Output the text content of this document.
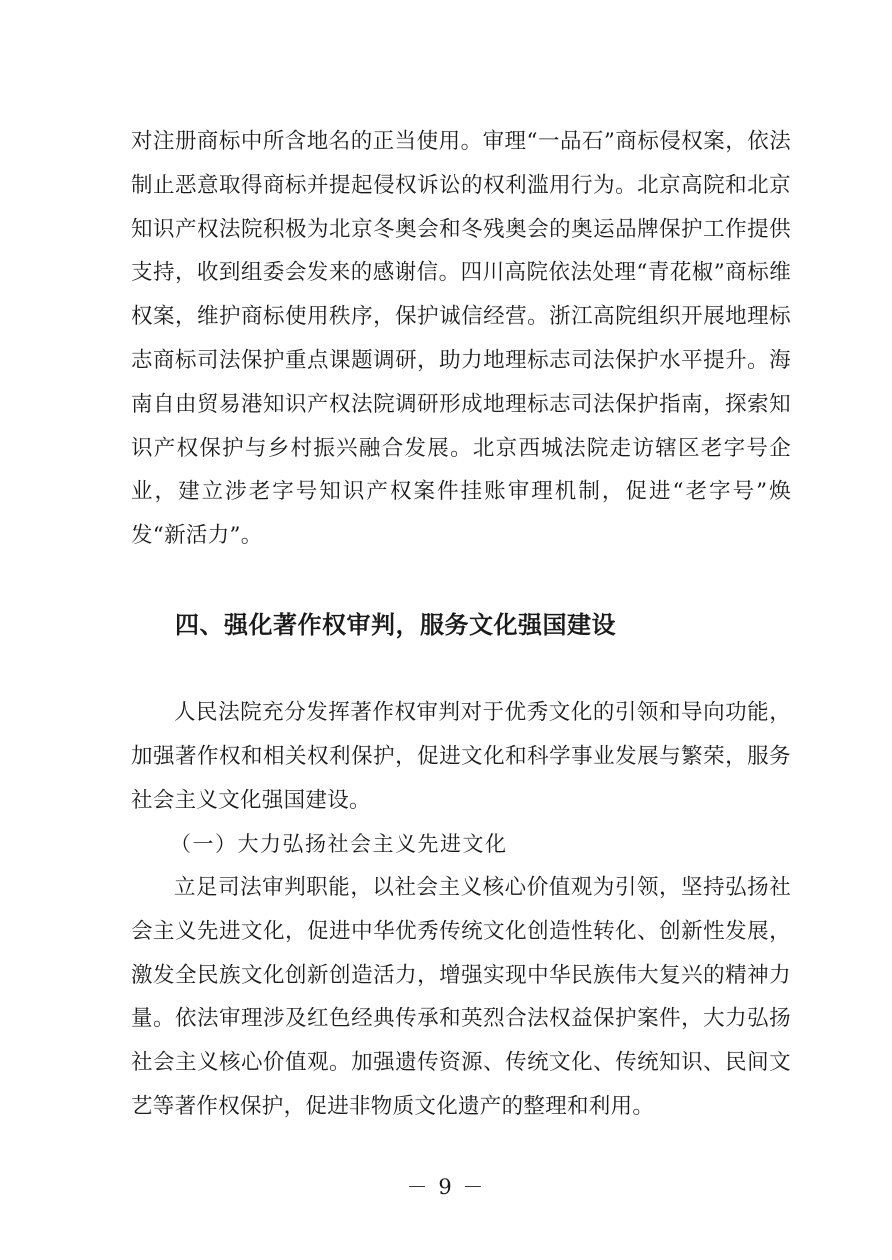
对注册商标中所含地名的正当使用。审理“一品石”商标侵权案，依法制止恶意取得商标并提起侵权诉讼的权利滥用行为。北京高院和北京知识产权法院积极为北京冬奥会和冬残奥会的奥运品牌保护工作提供支持，收到组委会发来的感谢信。四川高院依法处理“青花椒”商标维权案，维护商标使用秩序，保护诚信经营。浙江高院组织开展地理标志商标司法保护重点课题调研，助力地理标志司法保护水平提升。海南自由贸易港知识产权法院调研形成地理标志司法保护指南，探索知识产权保护与乡村振兴融合发展。北京西城法院走访辖区老字号企业，建立涉老字号知识产权案件挂账审理机制，促进“老字号”焕发“新活力”。

四、强化著作权审判，服务文化强国建设

人民法院充分发挥著作权审判对于优秀文化的引领和导向功能，加强著作权和相关权利保护，促进文化和科学事业发展与繁荣，服务社会主义文化强国建设。

（一）大力弘扬社会主义先进文化

立足司法审判职能，以社会主义核心价值观为引领，坚持弘扬社会主义先进文化，促进中华优秀传统文化创造性转化、创新性发展，激发全民族文化创新创造活力，增强实现中华民族伟大复兴的精神力量。依法审理涉及红色经典传承和英烈合法权益保护案件，大力弘扬社会主义核心价值观。加强遗传资源、传统文化、传统知识、民间文艺等著作权保护，促进非物质文化遗产的整理和利用。

－ 9 －
